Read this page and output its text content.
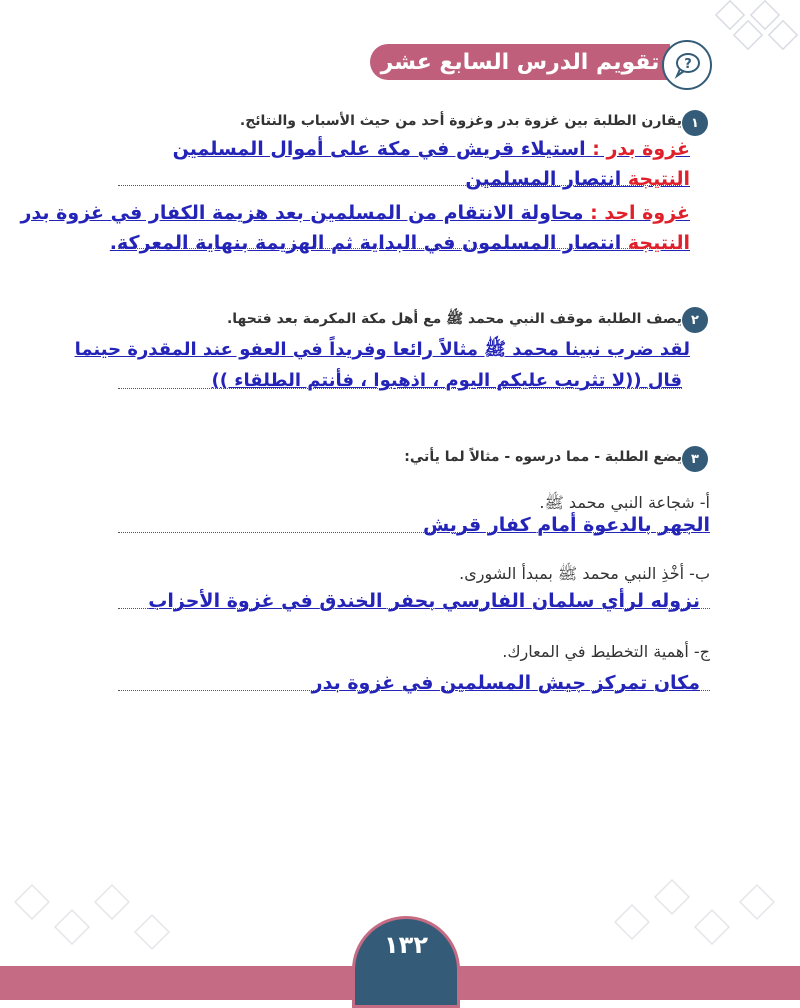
تقويم الدرس السابع عشر ?
١
يقارن الطلبة بين غزوة بدر وغزوة أحد من حيث الأسباب والنتائج.
غزوة بدر : استيلاء قريش في مكة على أموال المسلمين
النتيجة انتصار المسلمين
غزوة احد : محاولة الانتقام من المسلمين بعد هزيمة الكفار في غزوة بدر
النتيجة انتصار المسلمون في البداية ثم الهزيمة بنهاية المعركة.
٢
يصف الطلبة موقف النبي محمد ﷺ مع أهل مكة المكرمة بعد فتحها.
لقد ضرب نبينا محمد ﷺ مثالاً رائعا وفريداً في العفو عند المقدرة حينما
قال ((لا تثريب عليكم اليوم ، اذهبوا ، فأنتم الطلقاء ))
٣
يضع الطلبة - مما درسوه - مثالاً لما يأتي:
أ- شجاعة النبي محمد ﷺ.
الجهر بالدعوة أمام كفار قريش
ب- أخْذِ النبي محمد ﷺ بمبدأ الشورى.
نزوله لرأي سلمان الفارسي بحفر الخندق في غزوة الأحزاب
ج- أهمية التخطيط في المعارك.
مكان تمركز جيش المسلمين في غزوة بدر
١٣٢
